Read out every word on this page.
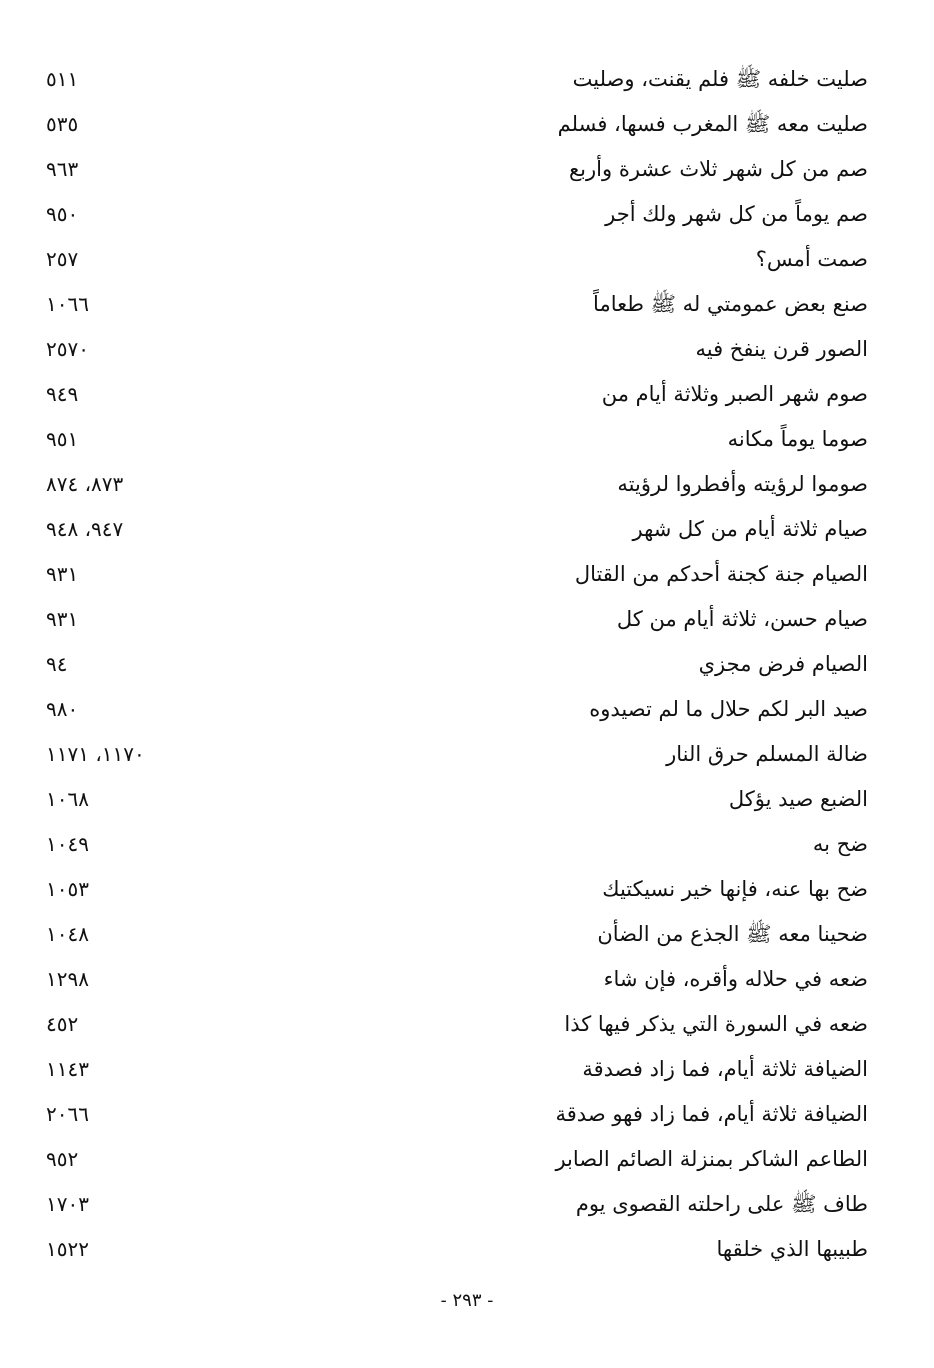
صليت خلفه ﷺ فلم يقنت، وصليت
٥١١
صليت معه ﷺ المغرب فسها، فسلم
٥٣٥
صم من كل شهر ثلاث عشرة وأربع
٩٦٣
صم يوماً من كل شهر ولك أجر
٩٥٠
صمت أمس؟
٢٥٧
صنع بعض عمومتي له ﷺ طعاماً
١٠٦٦
الصور قرن ينفخ فيه
٢٥٧٠
صوم شهر الصبر وثلاثة أيام من
٩٤٩
صوما يوماً مكانه
٩٥١
صوموا لرؤيته وأفطروا لرؤيته
٨٧٣، ٨٧٤
صيام ثلاثة أيام من كل شهر
٩٤٧، ٩٤٨
الصيام جنة كجنة أحدكم من القتال
٩٣١
صيام حسن، ثلاثة أيام من كل
٩٣١
الصيام فرض مجزي
٩٤
صيد البر لكم حلال ما لم تصيدوه
٩٨٠
ضالة المسلم حرق النار
١١٧٠، ١١٧١
الضبع صيد يؤكل
١٠٦٨
ضح به
١٠٤٩
ضح بها عنه، فإنها خير نسيكتيك
١٠٥٣
ضحينا معه ﷺ الجذع من الضأن
١٠٤٨
ضعه في حلاله وأقره، فإن شاء
١٢٩٨
ضعه في السورة التي يذكر فيها كذا
٤٥٢
الضيافة ثلاثة أيام، فما زاد فصدقة
١١٤٣
الضيافة ثلاثة أيام، فما زاد فهو صدقة
٢٠٦٦
الطاعم الشاكر بمنزلة الصائم الصابر
٩٥٢
طاف ﷺ على راحلته القصوى يوم
١٧٠٣
طبيبها الذي خلقها
١٥٢٢
- ٢٩٣ -
